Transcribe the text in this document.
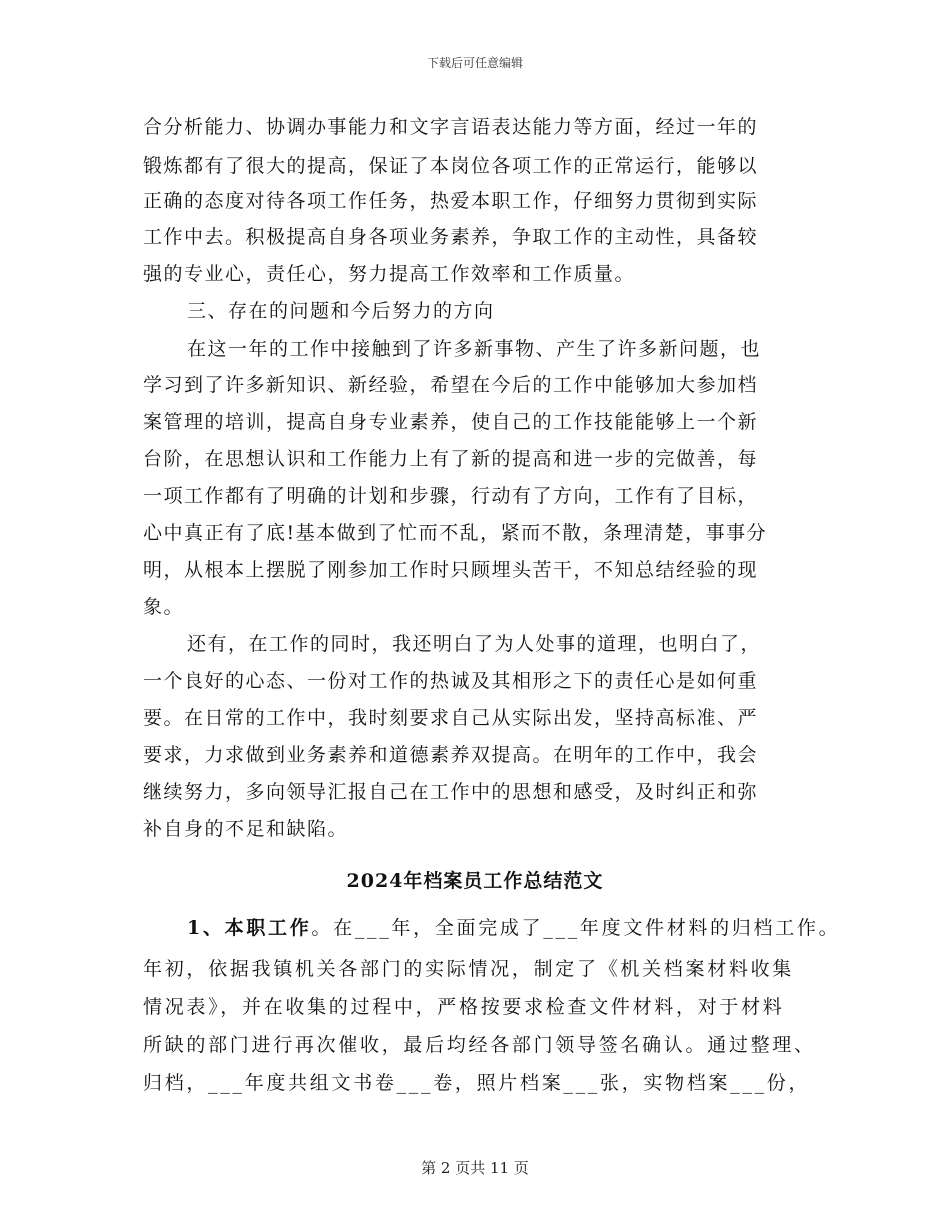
下载后可任意编辑
合分析能力、协调办事能力和文字言语表达能力等方面，经过一年的
锻炼都有了很大的提高，保证了本岗位各项工作的正常运行，能够以
正确的态度对待各项工作任务，热爱本职工作，仔细努力贯彻到实际
工作中去。积极提高自身各项业务素养，争取工作的主动性，具备较
强的专业心，责任心，努力提高工作效率和工作质量。
三、存在的问题和今后努力的方向
在这一年的工作中接触到了许多新事物、产生了许多新问题，也
学习到了许多新知识、新经验，希望在今后的工作中能够加大参加档
案管理的培训，提高自身专业素养，使自己的工作技能能够上一个新
台阶，在思想认识和工作能力上有了新的提高和进一步的完做善，每
一项工作都有了明确的计划和步骤，行动有了方向，工作有了目标，
心中真正有了底!基本做到了忙而不乱，紧而不散，条理清楚，事事分
明，从根本上摆脱了刚参加工作时只顾埋头苦干，不知总结经验的现
象。
还有，在工作的同时，我还明白了为人处事的道理，也明白了，
一个良好的心态、一份对工作的热诚及其相形之下的责任心是如何重
要。在日常的工作中，我时刻要求自己从实际出发，坚持高标准、严
要求，力求做到业务素养和道德素养双提高。在明年的工作中，我会
继续努力，多向领导汇报自己在工作中的思想和感受，及时纠正和弥
补自身的不足和缺陷。
2024年档案员工作总结范文
1、本职工作。在___年，全面完成了___年度文件材料的归档工作。
年初，依据我镇机关各部门的实际情况，制定了《机关档案材料收集
情况表》，并在收集的过程中，严格按要求检查文件材料，对于材料
所缺的部门进行再次催收，最后均经各部门领导签名确认。通过整理、
归档，___年度共组文书卷___卷，照片档案___张，实物档案___份，
第 2 页共 11 页
